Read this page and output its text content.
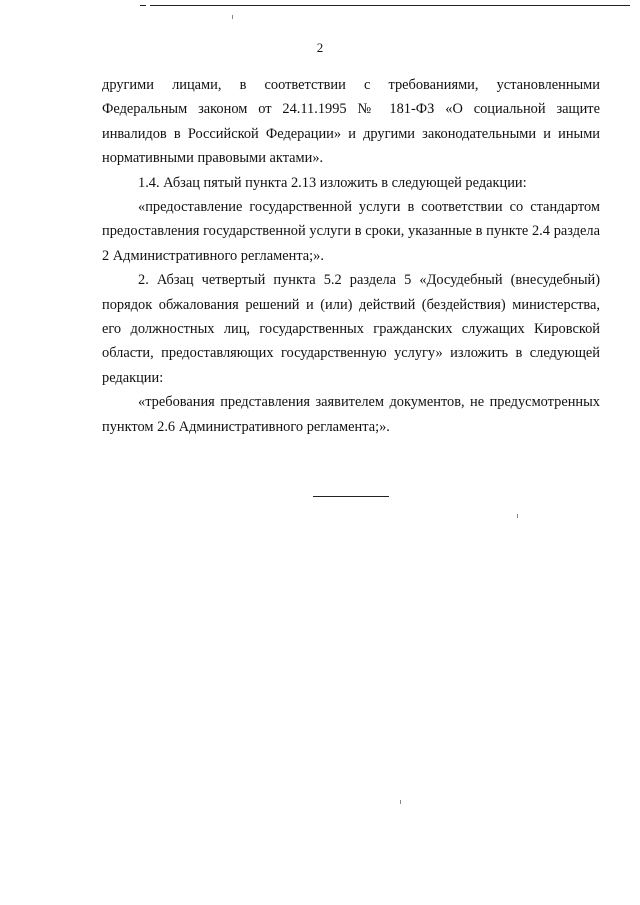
2

другими лицами, в соответствии с требованиями, установленными Федеральным законом от 24.11.1995 № 181-ФЗ «О социальной защите инвалидов в Российской Федерации» и другими законодательными и иными нормативными правовыми актами».

1.4. Абзац пятый пункта 2.13 изложить в следующей редакции:

«предоставление государственной услуги в соответствии со стандартом предоставления государственной услуги в сроки, указанные в пункте 2.4 раздела 2 Административного регламента;».

2. Абзац четвертый пункта 5.2 раздела 5 «Досудебный (внесудебный) порядок обжалования решений и (или) действий (бездействия) министерства, его должностных лиц, государственных гражданских служащих Кировской области, предоставляющих государственную услугу» изложить в следующей редакции:

«требования представления заявителем документов, не предусмотренных пунктом 2.6 Административного регламента;».
